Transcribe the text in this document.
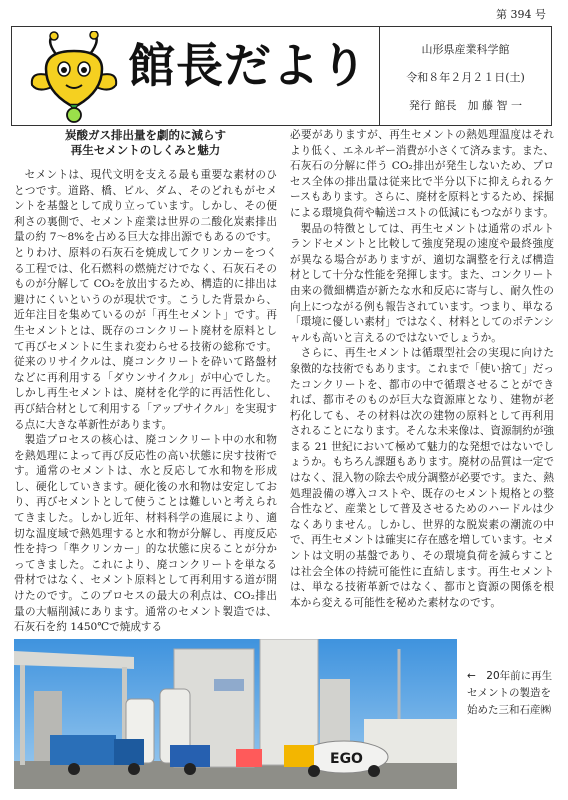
第 394 号
館長だより	山形県産業科学館
令和８年２月２１日(土)
発行 館長　加 藤 智 一
炭酸ガス排出量を劇的に減らす
再生セメントのしくみと魅力

セメントは、現代文明を支える最も重要な素材のひとつです。道路、橋、ビル、ダム、そのどれもがセメントを基盤として成り立っています。しかし、その便利さの裏側で、セメント産業は世界の二酸化炭素排出量の約 7～8%を占める巨大な排出源でもあるのです。とりわけ、原料の石灰石を焼成してクリンカーをつくる工程では、化石燃料の燃焼だけでなく、石灰石そのものが分解して CO₂を放出するため、構造的に排出は避けにくいというのが現状です。こうした背景から、近年注目を集めているのが「再生セメント」です。再生セメントとは、既存のコンクリート廃材を原料として再びセメントに生まれ変わらせる技術の総称です。従来のリサイクルは、廃コンクリートを砕いて路盤材などに再利用する「ダウンサイクル」が中心でした。しかし再生セメントは、廃材を化学的に再活性化し、再び結合材として利用する「アップサイクル」を実現する点に大きな革新性があります。

製造プロセスの核心は、廃コンクリート中の水和物を熱処理によって再び反応性の高い状態に戻す技術です。通常のセメントは、水と反応して水和物を形成し、硬化していきます。硬化後の水和物は安定しており、再びセメントとして使うことは難しいと考えられてきました。しかし近年、材料科学の進展により、適切な温度域で熱処理すると水和物が分解し、再度反応性を持つ「準クリンカー」的な状態に戻ることが分かってきました。これにより、廃コンクリートを単なる骨材ではなく、セメント原料として再利用する道が開けたのです。このプロセスの最大の利点は、CO₂排出量の大幅削減にあります。通常のセメント製造では、石灰石を約 1450℃で焼成する

必要がありますが、再生セメントの熱処理温度はそれより低く、エネルギー消費が小さくて済みます。また、石灰石の分解に伴う CO₂排出が発生しないため、プロセス全体の排出量は従来比で半分以下に抑えられるケースもあります。さらに、廃材を原料とするため、採掘による環境負荷や輸送コストの低減にもつながります。

製品の特徴としては、再生セメントは通常のポルトランドセメントと比較して強度発現の速度や最終強度が異なる場合がありますが、適切な調整を行えば構造材として十分な性能を発揮します。また、コンクリート由来の微細構造が新たな水和反応に寄与し、耐久性の向上につながる例も報告されています。つまり、単なる「環境に優しい素材」ではなく、材料としてのポテンシャルも高いと言えるのではないでしょうか。

さらに、再生セメントは循環型社会の実現に向けた象徴的な技術でもあります。これまで「使い捨て」だったコンクリートを、都市の中で循環させることができれば、都市そのものが巨大な資源庫となり、建物が老朽化しても、その材料は次の建物の原料として再利用されることになります。そんな未来像は、資源制約が強まる 21 世紀において極めて魅力的な発想ではないでしょうか。もちろん課題もあります。廃材の品質は一定ではなく、混入物の除去や成分調整が必要です。また、熱処理設備の導入コストや、既存のセメント規格との整合性など、産業として普及させるためのハードルは少なくありません。しかし、世界的な脱炭素の潮流の中で、再生セメントは確実に存在感を増しています。セメントは文明の基盤であり、その環境負荷を減らすことは社会全体の持続可能性に直結します。再生セメントは、単なる技術革新ではなく、都市と資源の関係を根本から変える可能性を秘めた素材なのです。

EGO
←　20年前に再生セメントの製造を始めた三和石産㈱
